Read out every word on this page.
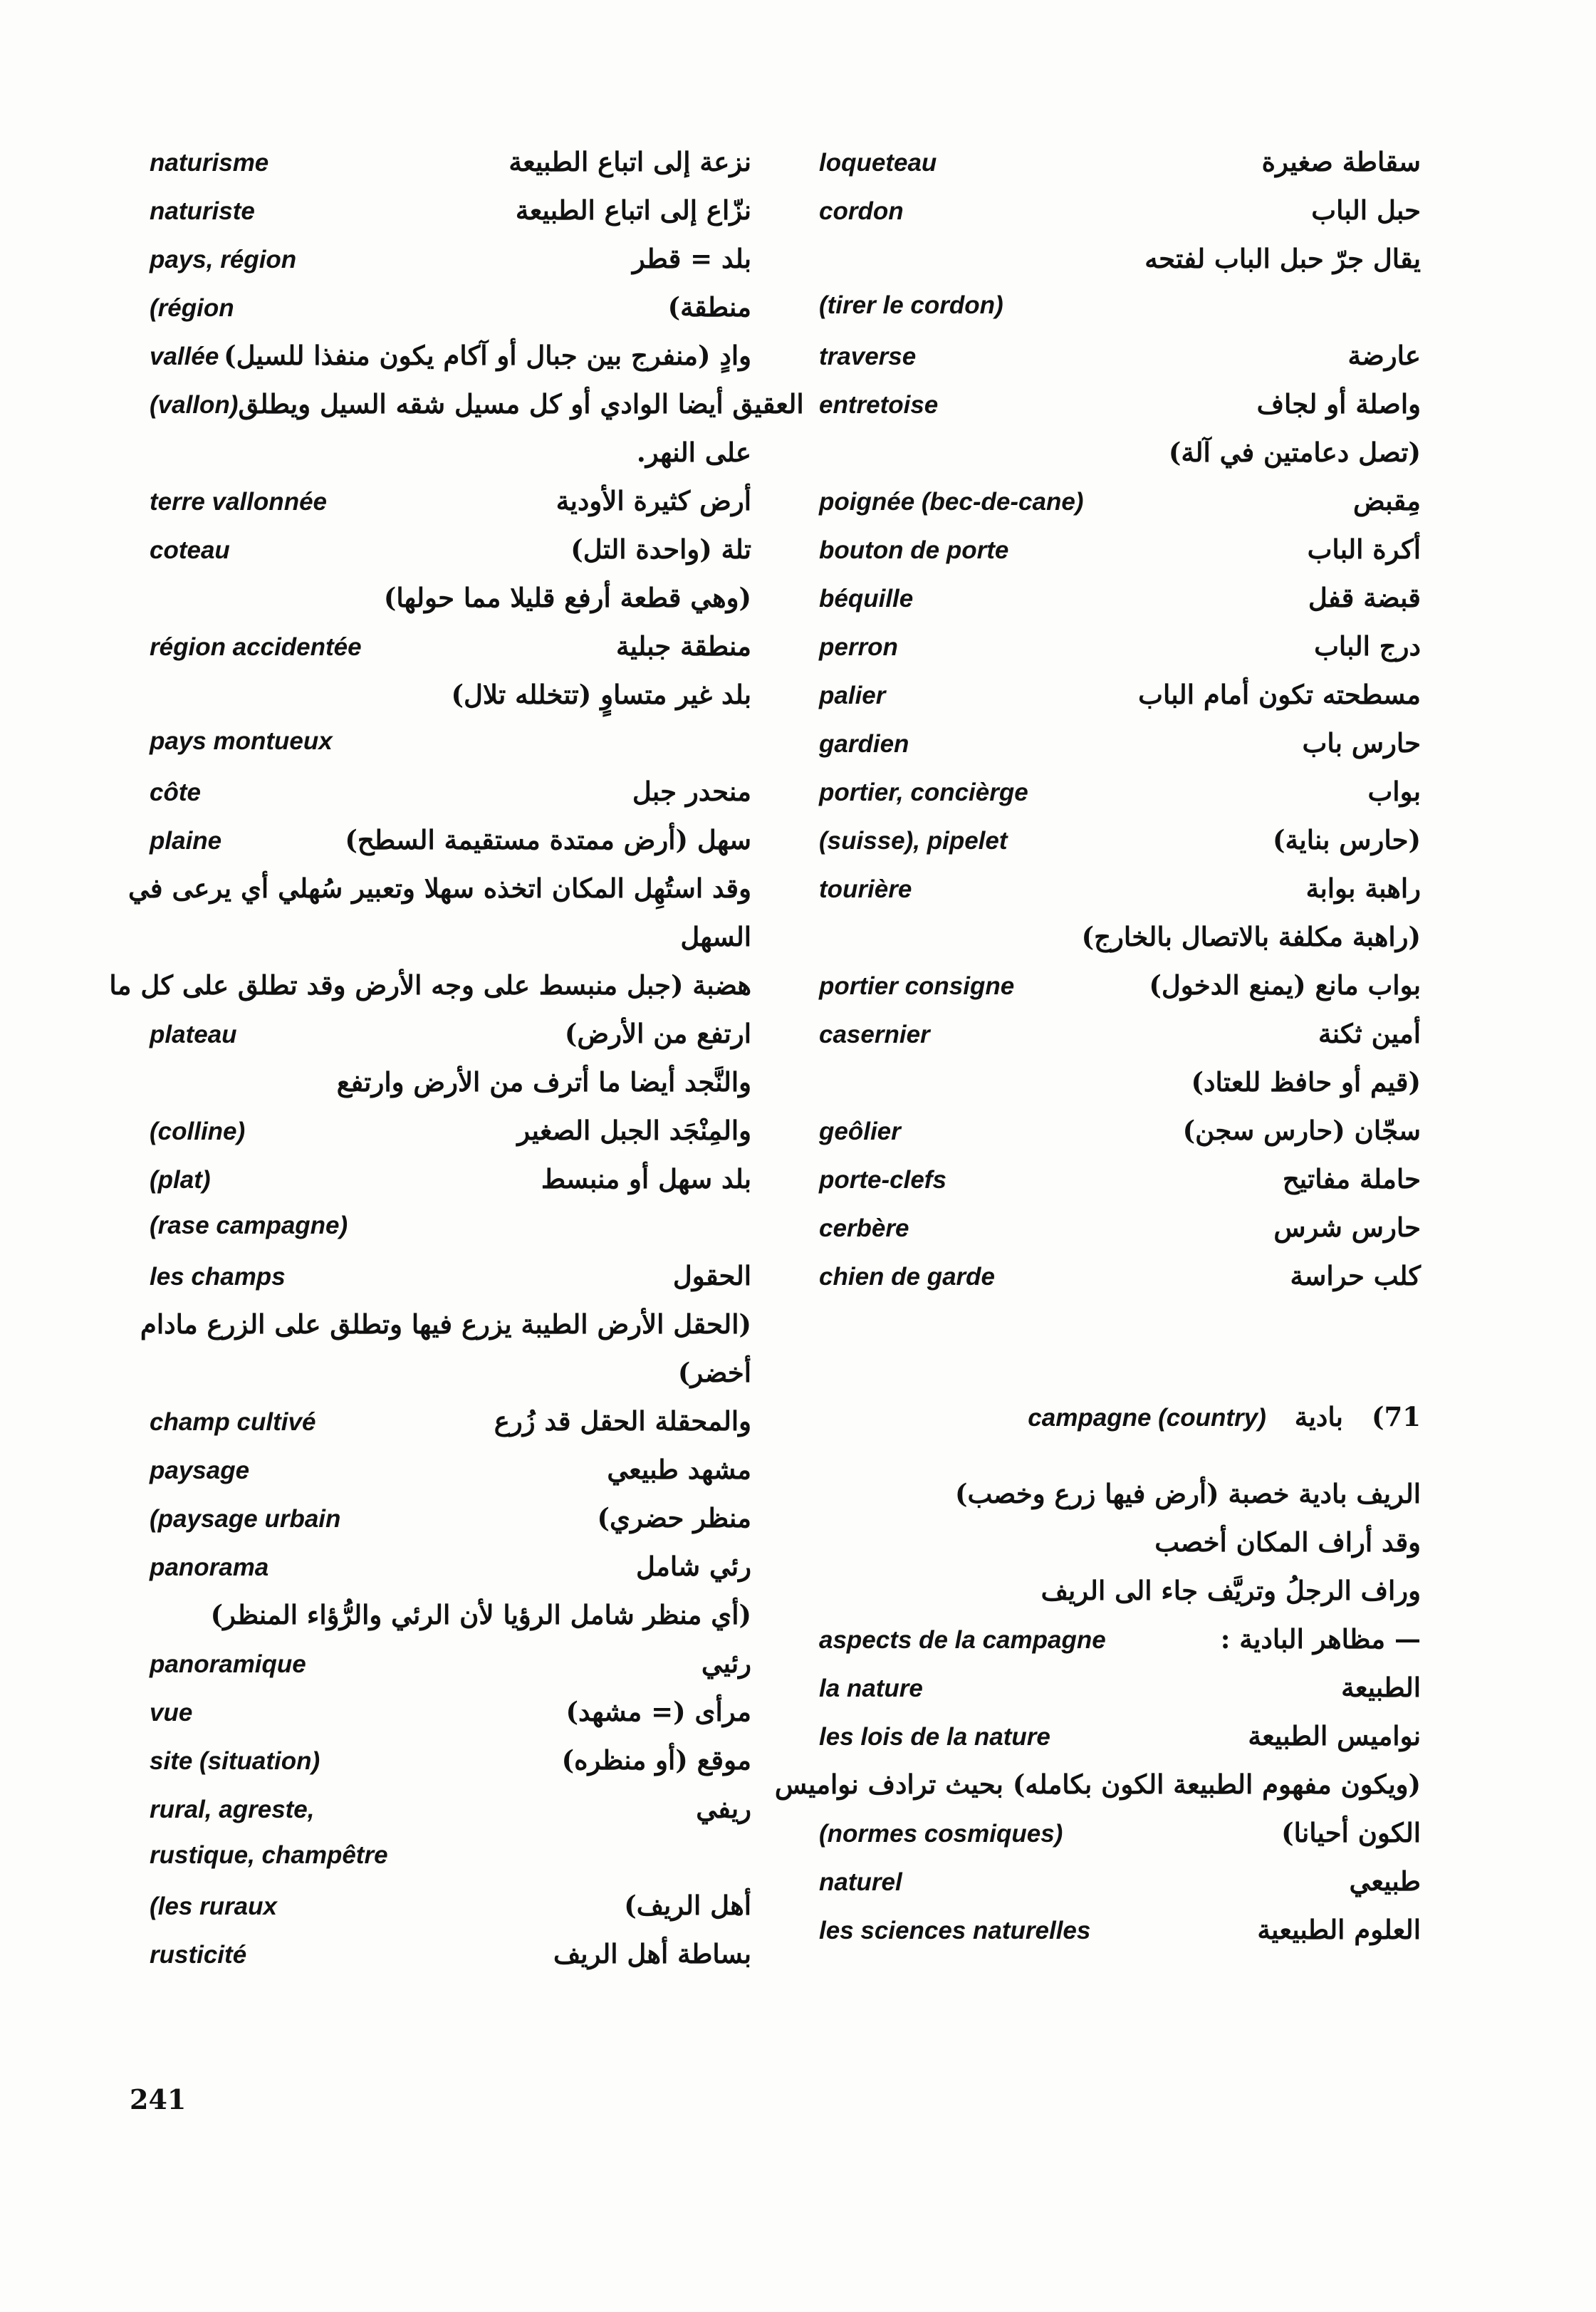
naturisme	نزعة إلى اتباع الطبيعة
naturiste	نزّاع إلى اتباع الطبيعة
pays, région	بلد = قطر
(région	منطقة)
vallée وادٍ (منفرج بين جبال أو آكام يكون منفذا للسيل)
(vallon) العقيق أيضا الوادي أو كل مسيل شقه السيل ويطلق
على النهر.
terre vallonnée	أرض كثيرة الأودية
coteau	تلة (واحدة التل)
(وهي قطعة أرفع قليلا مما حولها)
région accidentée	منطقة جبلية
بلد غير متساوٍ (تتخلله تلال)
pays montueux
côte	منحدر جبل
plaine	سهل (أرض ممتدة مستقيمة السطح)
وقد استُهِل المكان اتخذه سهلا وتعبير سُهلي أي يرعى في
السهل
هضبة (جبل منبسط على وجه الأرض وقد تطلق على كل ما
plateau	ارتفع من الأرض)
والنَّجد أيضا ما أترف من الأرض وارتفع
(colline)	والمِنْجَد الجبل الصغير
(plat)	بلد سهل أو منبسط
(rase campagne)
les champs	الحقول
(الحقل الأرض الطيبة يزرع فيها وتطلق على الزرع مادام
أخضر)
champ cultivé	والمحقلة الحقل قد زُرع
paysage	مشهد طبيعي
(paysage urbain	منظر حضري)
panorama	رئي شامل
(أي منظر شامل الرؤيا لأن الرئي والرُّؤاء المنظر)
panoramique	رئيي
vue	مرأى (= مشهد)
site (situation)	موقع (أو منظره)
rural, agreste,	ريفي
rustique, champêtre
(les ruraux	أهل الريف)
rusticité	بساطة أهل الريف
loqueteau	سقاطة صغيرة
cordon	حبل الباب
يقال جرّ حبل الباب لفتحه
(tirer le cordon)
traverse	عارضة
entretoise	واصلة أو لجاف
(تصل دعامتين في آلة)
poignée (bec-de-cane)	مِقبض
bouton de porte	أكرة الباب
béquille	قبضة قفل
perron	درج الباب
palier	مسطحته تكون أمام الباب
gardien	حارس باب
portier, concièrge	بواب
(suisse), pipelet	(حارس بناية)
tourière	راهبة بوابة
(راهبة مكلفة بالاتصال بالخارج)
portier consigne	بواب مانع (يمنع الدخول)
casernier	أمين ثكنة
(قيم أو حافظ للعتاد)
geôlier	سجّان (حارس سجن)
porte-clefs	حاملة مفاتيح
cerbère	حارس شرس
chien de garde	كلب حراسة
campagne (country) بادية 71)
الريف بادية خصبة (أرض فيها زرع وخصب)
وقد أراف المكان أخصب
وراف الرجلُ وتريَّف جاء الى الريف
aspects de la campagne	— مظاهر البادية :
la nature	الطبيعة
les lois de la nature	نواميس الطبيعة
(ويكون مفهوم الطبيعة الكون بكامله) بحيث ترادف نواميس
(normes cosmiques)	الكون أحيانا)
naturel	طبيعي
les sciences naturelles	العلوم الطبيعية
241
